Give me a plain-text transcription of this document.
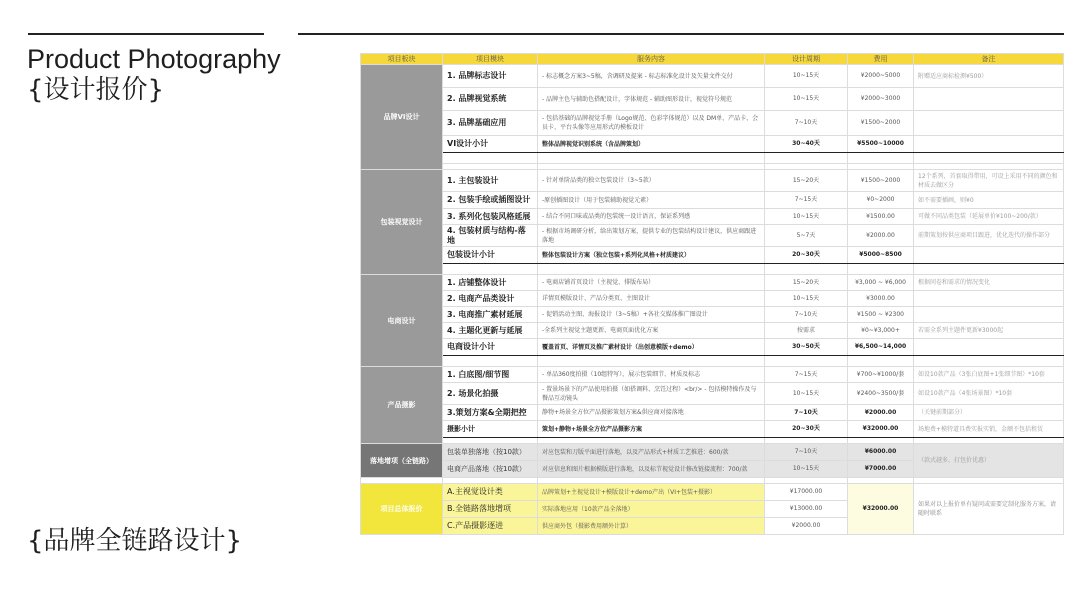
Product Photography
{设计报价}
{品牌全链路设计}
项目板块	项目模块	服务内容	设计周期	费用	备注
品牌VI设计	1. 品牌标志设计	- 标志概念方案3~5稿，含调研及提案 - 标志标准化设计及矢量文件交付	10~15天	¥2000~5000	附赠适应商标检测¥500）
	2. 品牌视觉系统	- 品牌主色与辅助色搭配设计，字体规范 - 辅助图形设计，视觉符号规范	10~15天	¥2000~3000	
	3. 品牌基础应用	- 包括基础的品牌视觉手册（Logo规范、色彩字体规范）以及 DM单、产品卡、会员卡、平台头像等应用形式的模板设计	7~10天	¥1500~2000	
	VI设计小计	整体品牌视觉识别系统（含品牌策划）	30~40天	¥5500~10000	

包装视觉设计	1. 主包装设计	- 针对单阶品类的独立包装设计（3~5款）	15~20天	¥1500~2000	12个系列，首套取得带用，可设上采用不同的颜色和材质去做区分
	2. 包装手绘或插图设计	-原创插图设计（用于包装辅助视觉元素）	7~15天	¥0~2000	如不需要插画，则¥0
	3. 系列化包装风格延展	- 结合不同口味或品类的包装统一设计语言，保证系列感	10~15天	¥1500.00	可做不同品类包装（延展单价¥100~200/款）
	4. 包装材质与结构-落地	- 根据市场调研分析，给出策划方案，提供专业的包装结构设计建议，供应商跟进落地	5~7天	¥2000.00	前期策划按供应商项目跟进，优化迭代的操作部分
	包装设计小计	整体包装设计方案（独立包装+系列化风格+材质建议）	20~30天	¥5000~8500	

电商设计	1. 店铺整体设计	- 电商店铺首页设计（主视觉、排版布局）	15~20天	¥3,000 ~ ¥6,000	根据问卷和需求的情况变化
	2. 电商产品类设计	详情页模版设计、产品分类页、主图设计	10~15天	¥3000.00	
	3. 电商推广素材延展	- 促销活动主图、海报设计（3~5稿）+各社交媒体推广图设计	7~10天	¥1500 ~ ¥2300	
	4. 主题化更新与延展	-全系列主视觉主题更新、电商页面优化方案	按需求	¥0~¥3,000+	若需全系列主题件更新¥3000起
	电商设计小计	覆盖首页、详情页及推广素材设计（出创意模版+demo）	30~50天	¥6,500~14,000	

产品摄影	1. 白底图/细节图	- 单品360度拍摄（10组特写），展示包装细节、材质及标志	7~15天	¥700~¥1000/套	如设10款产品（3张白底图+1张细节图）*10套
	2. 场景化拍摄	- 置景场景下的产品使用拍摄（如搭调料、烹饪过程）<br/> - 包括模特操作及与餐品互动镜头	10~15天	¥2400~3500/套	如设10款产品（4张场景图）*10套
	3.策划方案&全期把控	静物+场景全方位产品摄影策划方案&供应商对接落地	7~10天	¥2000.00	（关键前期部分）
	摄影小计	策划+静物+场景全方位产品摄影方案	20~30天	¥32000.00	场地费+模特道具费实报实销，金额不包括租赁

落地增项（全链路）	包装单独落地（按10款）	对应包装和刀版平面进行落地，以及产品形式+材质工艺推进：600/款	7~10天	¥6000.00	（款式越多，打包价优惠）
	电商产品落地（按10款）	对应信息和图片根据模版进行落地，以及标节视觉设计修改链接流程：700/款	10~15天	¥7000.00	

项目总体报价	A.主视觉设计类	品牌策划+主视觉设计+模版设计+demo产出（VI+包装+摄影）	¥17000.00	¥32000.00	如果对以上报价单有疑问或需要定制化服务方案，请随时联系
	B.全链路落地增项	实际落地应用（10款产品全落地）	¥13000.00		
	C.产品摄影逐进	供应商外包（摄影费用额外计算）	¥2000.00		
